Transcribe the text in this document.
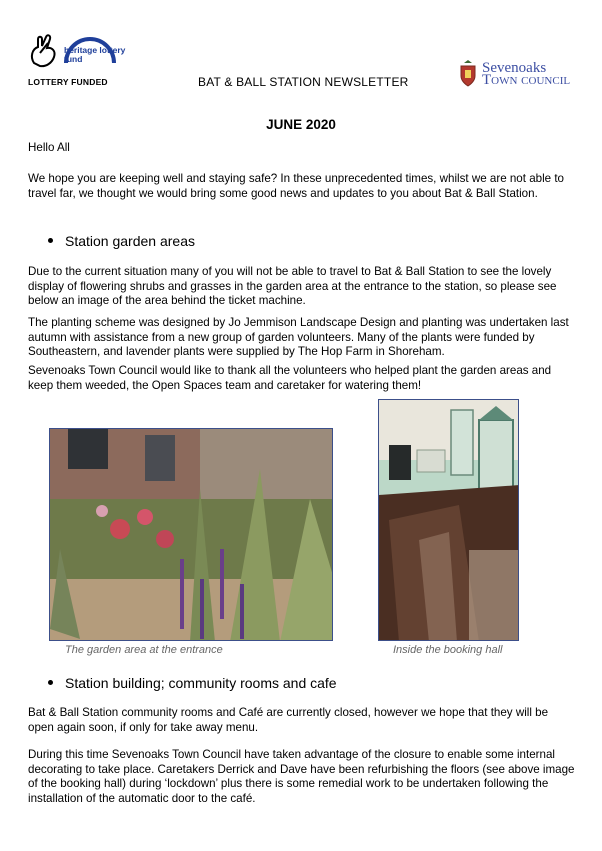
heritage lottery fund
LOTTERY FUNDED	BAT & BALL STATION NEWSLETTER
Sevenoaks
Town council
JUNE 2020

Hello All

We hope you are keeping well and staying safe? In these unprecedented times, whilst we are not able to travel far, we thought we would bring some good news and updates to you about Bat & Ball Station.

Station garden areas

Due to the current situation many of you will not be able to travel to Bat & Ball Station to see the lovely display of flowering shrubs and grasses in the garden area at the entrance to the station, so please see below an image of the area behind the ticket machine.

The planting scheme was designed by Jo Jemmison Landscape Design and planting was undertaken last autumn with assistance from a new group of garden volunteers. Many of the plants were funded by Southeastern, and lavender plants were supplied by The Hop Farm in Shoreham.

Sevenoaks Town Council would like to thank all the volunteers who helped plant the garden areas and keep them weeded, the Open Spaces team and caretaker for watering them!

The garden area at the entrance	Inside the booking hall
Station building; community rooms and cafe

Bat & Ball Station community rooms and Café are currently closed, however we hope that they will be open again soon, if only for take away menu.

During this time Sevenoaks Town Council have taken advantage of the closure to enable some internal decorating to take place. Caretakers Derrick and Dave have been refurbishing the floors (see above image of the booking hall) during ‘lockdown’ plus there is some remedial work to be undertaken following the installation of the automatic door to the café.
